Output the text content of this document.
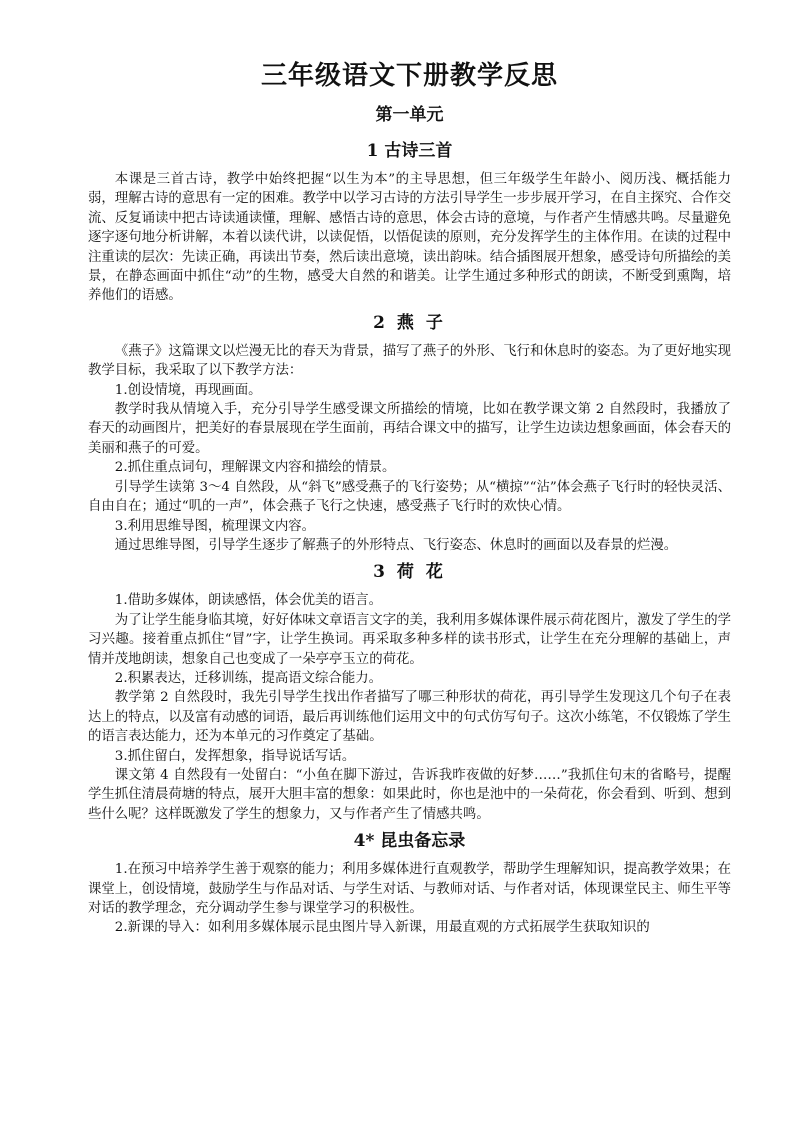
三年级语文下册教学反思
第一单元
1 古诗三首

本课是三首古诗，教学中始终把握“以生为本”的主导思想，但三年级学生年龄小、阅历浅、概括能力弱，理解古诗的意思有一定的困难。教学中以学习古诗的方法引导学生一步步展开学习，在自主探究、合作交流、反复诵读中把古诗读通读懂，理解、感悟古诗的意思，体会古诗的意境，与作者产生情感共鸣。尽量避免逐字逐句地分析讲解，本着以读代讲，以读促悟，以悟促读的原则，充分发挥学生的主体作用。在读的过程中注重读的层次：先读正确，再读出节奏，然后读出意境，读出韵味。结合插图展开想象，感受诗句所描绘的美景，在静态画面中抓住“动”的生物，感受大自然的和谐美。让学生通过多种形式的朗读，不断受到熏陶，培养他们的语感。

2 燕 子

《燕子》这篇课文以烂漫无比的春天为背景，描写了燕子的外形、飞行和休息时的姿态。为了更好地实现教学目标，我采取了以下教学方法：

1.创设情境，再现画面。

教学时我从情境入手，充分引导学生感受课文所描绘的情境，比如在教学课文第 2 自然段时，我播放了春天的动画图片，把美好的春景展现在学生面前，再结合课文中的描写，让学生边读边想象画面，体会春天的美丽和燕子的可爱。

2.抓住重点词句，理解课文内容和描绘的情景。

引导学生读第 3～4 自然段，从“斜飞”感受燕子的飞行姿势；从“横掠”“沾”体会燕子飞行时的轻快灵活、自由自在；通过“叽的一声”，体会燕子飞行之快速，感受燕子飞行时的欢快心情。

3.利用思维导图，梳理课文内容。

通过思维导图，引导学生逐步了解燕子的外形特点、飞行姿态、休息时的画面以及春景的烂漫。

3 荷 花

1.借助多媒体，朗读感悟，体会优美的语言。

为了让学生能身临其境，好好体味文章语言文字的美，我利用多媒体课件展示荷花图片，激发了学生的学习兴趣。接着重点抓住“冒”字，让学生换词。再采取多种多样的读书形式，让学生在充分理解的基础上，声情并茂地朗读，想象自己也变成了一朵亭亭玉立的荷花。

2.积累表达，迁移训练，提高语文综合能力。

教学第 2 自然段时，我先引导学生找出作者描写了哪三种形状的荷花，再引导学生发现这几个句子在表达上的特点，以及富有动感的词语，最后再训练他们运用文中的句式仿写句子。这次小练笔，不仅锻炼了学生的语言表达能力，还为本单元的习作奠定了基础。

3.抓住留白，发挥想象，指导说话写话。

课文第 4 自然段有一处留白：“小鱼在脚下游过，告诉我昨夜做的好梦……”我抓住句末的省略号，提醒学生抓住清晨荷塘的特点，展开大胆丰富的想象：如果此时，你也是池中的一朵荷花，你会看到、听到、想到些什么呢？这样既激发了学生的想象力，又与作者产生了情感共鸣。

4* 昆虫备忘录

1.在预习中培养学生善于观察的能力；利用多媒体进行直观教学，帮助学生理解知识，提高教学效果；在课堂上，创设情境，鼓励学生与作品对话、与学生对话、与教师对话、与作者对话，体现课堂民主、师生平等对话的教学理念，充分调动学生参与课堂学习的积极性。

2.新课的导入：如利用多媒体展示昆虫图片导入新课，用最直观的方式拓展学生获取知识的
